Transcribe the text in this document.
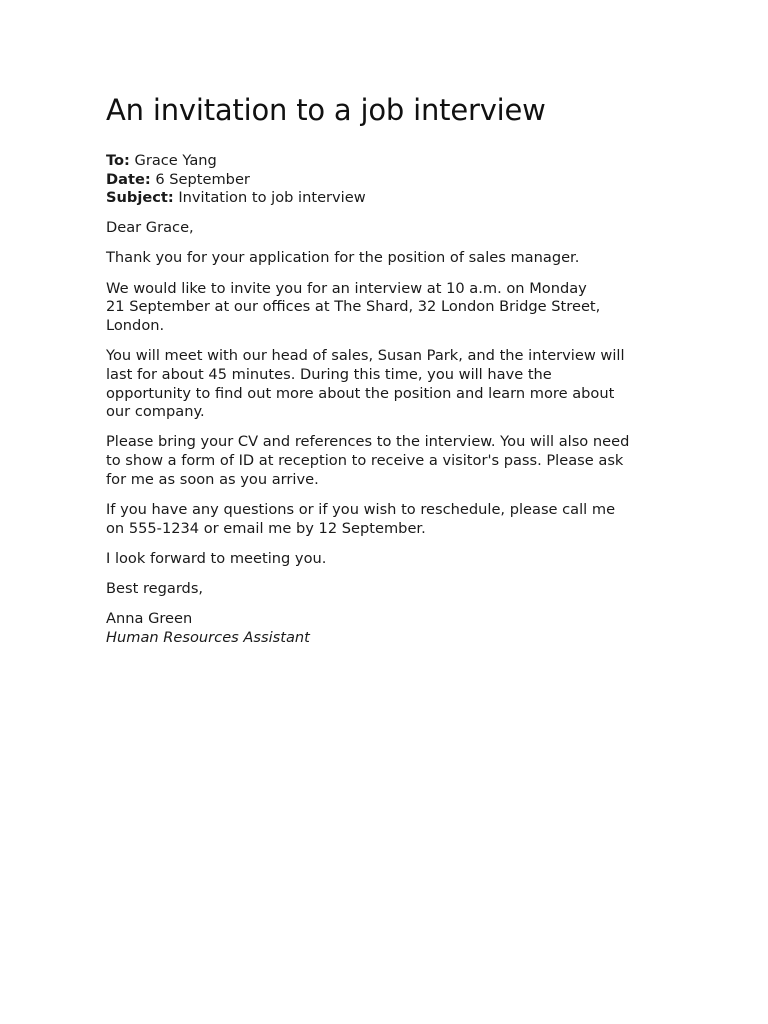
An invitation to a job interview
To: Grace Yang
Date: 6 September
Subject: Invitation to job interview

Dear Grace,

Thank you for your application for the position of sales manager.

We would like to invite you for an interview at 10 a.m. on Monday
21 September at our offices at The Shard, 32 London Bridge Street,
London.

You will meet with our head of sales, Susan Park, and the interview will
last for about 45 minutes. During this time, you will have the
opportunity to find out more about the position and learn more about
our company.

Please bring your CV and references to the interview. You will also need
to show a form of ID at reception to receive a visitor's pass. Please ask
for me as soon as you arrive.

If you have any questions or if you wish to reschedule, please call me
on 555-1234 or email me by 12 September.

I look forward to meeting you.

Best regards,

Anna Green
Human Resources Assistant
